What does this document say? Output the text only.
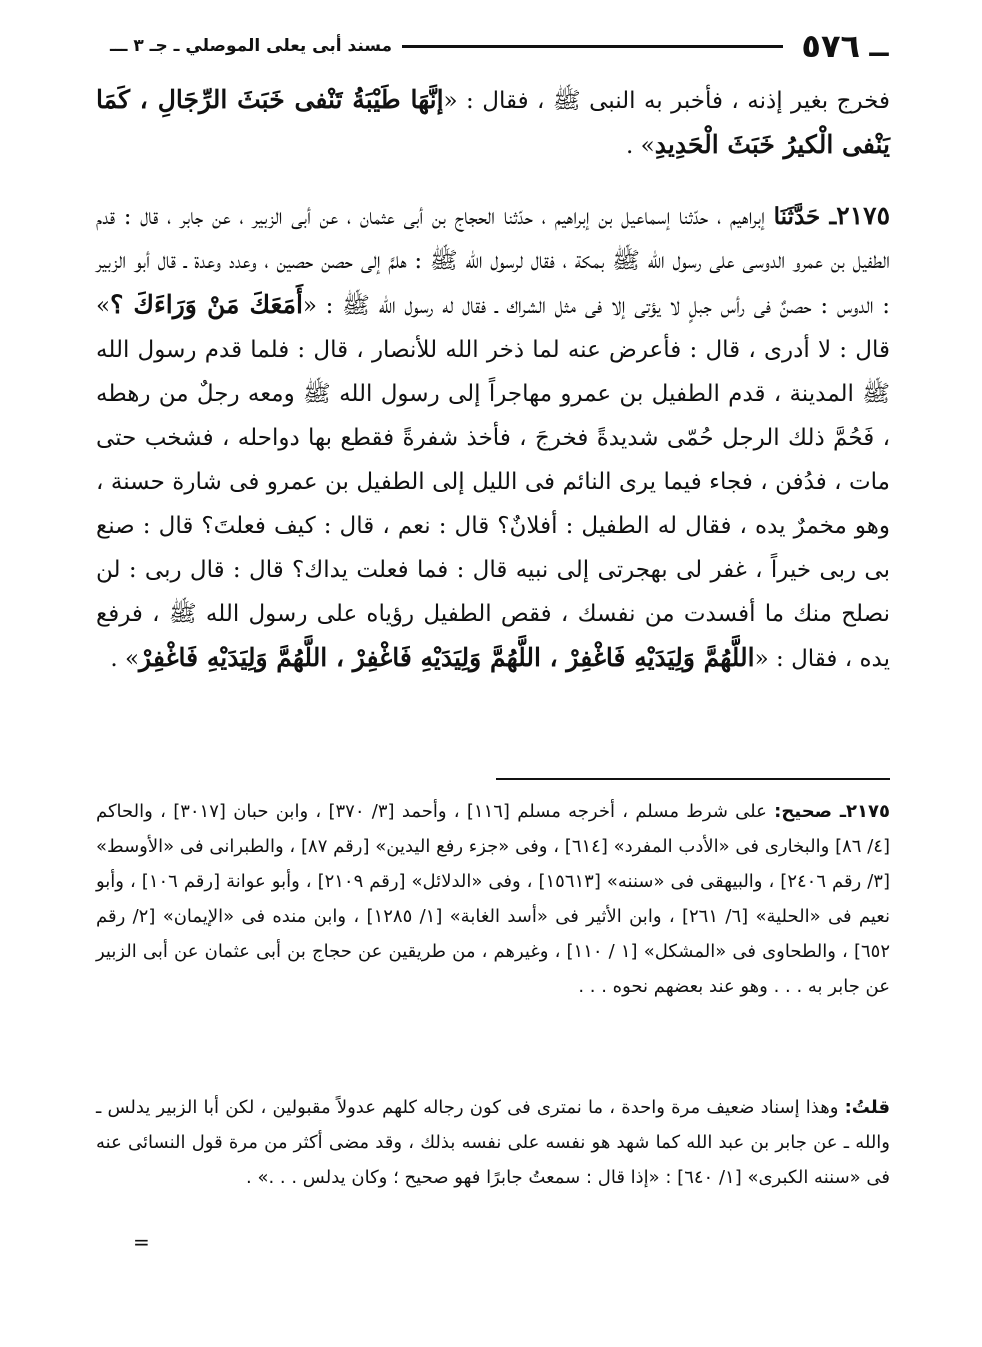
ــ
٥٧٦
مسند أبى يعلى الموصلي ـ جـ ٣ ـــ

فخرج بغير إذنه ، فأخبر به النبى ﷺ ، فقال : «إنَّهَا طَيْبَةُ تَنْفى خَبَثَ الرِّجَالِ ، كَمَا يَنْفى الْكيرُ خَبَثَ الْحَدِيدِ» .

٢١٧٥ـ حَدَّثَنَا إبراهيم ، حدّثنا إسماعيل بن إبراهيم ، حدّثنا الحجاج بن أبى عثمان ، عن أبى الزبير ، عن جابر ، قال : قدم الطفيل بن عمرو الدوسى على رسول الله ﷺ بمكة ، فقال لرسول الله ﷺ : هلمَّ إلى حصن حصين ، وعدد وعدة ـ قال أبو الزبير : الدوس : حصنٌ فى رأس جبلٍ لا يؤتى إلا فى مثل الشراك ـ فقال له رسول الله ﷺ : «أَمَعَكَ مَنْ وَرَاءَكَ ؟» قال : لا أدرى ، قال : فأعرض عنه لما ذخر الله للأنصار ، قال : فلما قدم رسول الله ﷺ المدينة ، قدم الطفيل بن عمرو مهاجراً إلى رسول الله ﷺ ومعه رجلٌ من رهطه ، فَحُمَّ ذلك الرجل حُمّى شديدةً فخرجَ ، فأخذ شفرةً فقطع بها دواحله ، فشخب حتى مات ، فدُفن ، فجاء فيما يرى النائم فى الليل إلى الطفيل بن عمرو فى شارة حسنة ، وهو مخمرٌ يده ، فقال له الطفيل : أفلانٌ؟ قال : نعم ، قال : كيف فعلتَ؟ قال : صنع بى ربى خيراً ، غفر لى بهجرتى إلى نبيه قال : فما فعلت يداك؟ قال : قال ربى : لن نصلح منك ما أفسدت من نفسك ، فقص الطفيل رؤياه على رسول الله ﷺ ، فرفع يده ، فقال : «اللَّهُمَّ وَلِيَدَيْهِ فَاغْفِرْ ، اللَّهُمَّ وَلِيَدَيْهِ فَاغْفِرْ ، اللَّهُمَّ وَلِيَدَيْهِ فَاغْفِرْ» .

٢١٧٥ـ صحيح: على شرط مسلم ، أخرجه مسلم [١١٦] ، وأحمد [٣/ ٣٧٠] ، وابن حبان [٣٠١٧] ، والحاكم [٤/ ٨٦] والبخارى فى «الأدب المفرد» [٦١٤] ، وفى «جزء رفع اليدين» [رقم ٨٧] ، والطبرانى فى «الأوسط» [٣/ رقم ٢٤٠٦] ، والبيهقى فى «سننه» [١٥٦١٣] ، وفى «الدلائل» [رقم ٢١٠٩] ، وأبو عوانة [رقم ١٠٦] ، وأبو نعيم فى «الحلية» [٦/ ٢٦١] ، وابن الأثير فى «أسد الغابة» [١/ ١٢٨٥] ، وابن منده فى «الإيمان» [٢/ رقم ٦٥٢] ، والطحاوى فى «المشكل» [١ / ١١٠] ، وغيرهم ، من طريقين عن حجاج بن أبى عثمان عن أبى الزبير عن جابر به . . . وهو عند بعضهم نحوه . . .

قلتُ: وهذا إسناد ضعيف مرة واحدة ، ما نمترى فى كون رجاله كلهم عدولاً مقبولين ، لكن أبا الزبير يدلس ـ والله ـ عن جابر بن عبد الله كما شهد هو نفسه على نفسه بذلك ، وقد مضى أكثر من مرة قول النسائى عنه فى «سننه الكبرى» [١/ ٦٤٠] : «إذا قال : سمعتُ جابرًا فهو صحيح ؛ وكان يدلس . . .» .

=
